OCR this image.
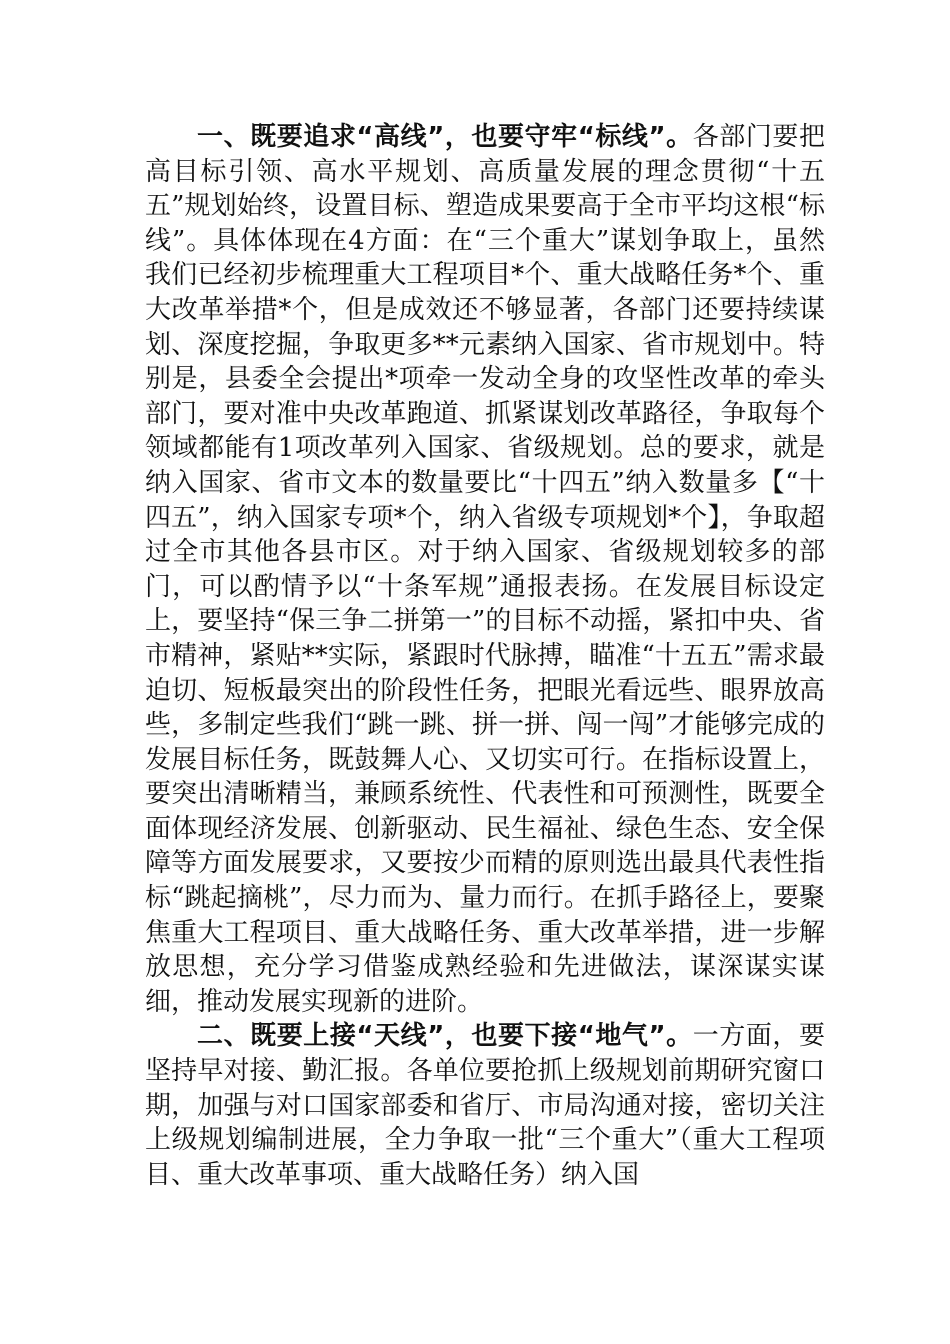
一、既要追求“高线”，也要守牢“标线”。各部门要把高目标引领、高水平规划、高质量发展的理念贯彻“十五五”规划始终，设置目标、塑造成果要高于全市平均这根“标线”。具体体现在4方面：在“三个重大”谋划争取上，虽然我们已经初步梳理重大工程项目*个、重大战略任务*个、重大改革举措*个，但是成效还不够显著，各部门还要持续谋划、深度挖掘，争取更多**元素纳入国家、省市规划中。特别是，县委全会提出*项牵一发动全身的攻坚性改革的牵头部门，要对准中央改革跑道、抓紧谋划改革路径，争取每个领域都能有1项改革列入国家、省级规划。总的要求，就是纳入国家、省市文本的数量要比“十四五”纳入数量多【“十四五”，纳入国家专项*个，纳入省级专项规划*个】，争取超过全市其他各县市区。对于纳入国家、省级规划较多的部门，可以酌情予以“十条军规”通报表扬。在发展目标设定上，要坚持“保三争二拼第一”的目标不动摇，紧扣中央、省市精神，紧贴**实际，紧跟时代脉搏，瞄准“十五五”需求最迫切、短板最突出的阶段性任务，把眼光看远些、眼界放高些，多制定些我们“跳一跳、拼一拼、闯一闯”才能够完成的发展目标任务，既鼓舞人心、又切实可行。在指标设置上，要突出清晰精当，兼顾系统性、代表性和可预测性，既要全面体现经济发展、创新驱动、民生福祉、绿色生态、安全保障等方面发展要求，又要按少而精的原则选出最具代表性指标“跳起摘桃”，尽力而为、量力而行。在抓手路径上，要聚焦重大工程项目、重大战略任务、重大改革举措，进一步解放思想，充分学习借鉴成熟经验和先进做法，谋深谋实谋细，推动发展实现新的进阶。

二、既要上接“天线”，也要下接“地气”。一方面，要坚持早对接、勤汇报。各单位要抢抓上级规划前期研究窗口期，加强与对口国家部委和省厅、市局沟通对接，密切关注上级规划编制进展，全力争取一批“三个重大”（重大工程项目、重大改革事项、重大战略任务）纳入国
